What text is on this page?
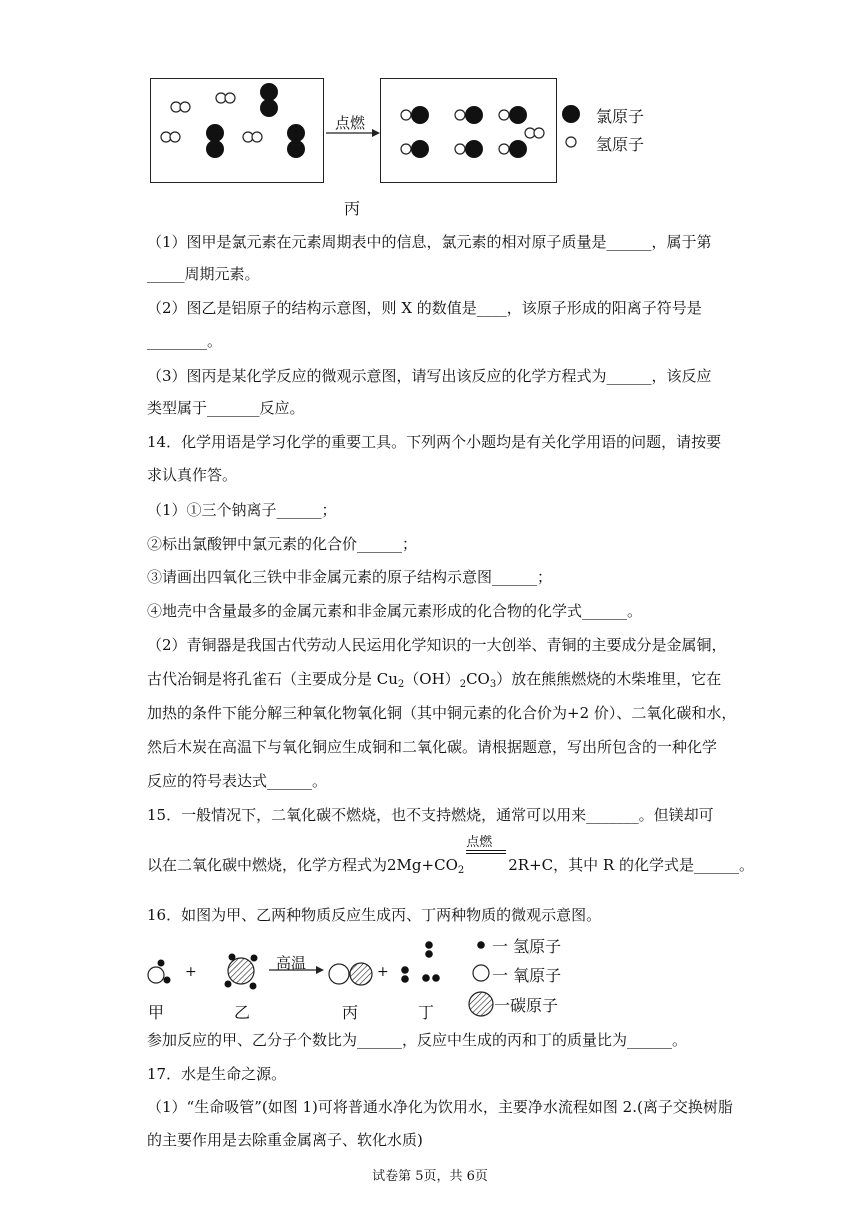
点燃	氯原子
氢原子
丙
（1）图甲是氯元素在元素周期表中的信息，氯元素的相对原子质量是______，属于第
_____周期元素。
（2）图乙是铝原子的结构示意图，则 X 的数值是____，该原子形成的阳离子符号是
________。
（3）图丙是某化学反应的微观示意图，请写出该反应的化学方程式为______，该反应
类型属于_______反应。
14．化学用语是学习化学的重要工具。下列两个小题均是有关化学用语的问题，请按要
求认真作答。
（1）①三个钠离子______；
②标出氯酸钾中氯元素的化合价______；
③请画出四氧化三铁中非金属元素的原子结构示意图______；
④地壳中含量最多的金属元素和非金属元素形成的化合物的化学式______。
（2）青铜器是我国古代劳动人民运用化学知识的一大创举、青铜的主要成分是金属铜，
古代冶铜是将孔雀石（主要成分是 $Cu_2(OH)_2CO_3$）放在熊熊燃烧的木柴堆里，它在
加热的条件下能分解三种氧化物氧化铜（其中铜元素的化合价为+2 价）、二氧化碳和水，
然后木炭在高温下与氧化铜应生成铜和二氧化碳。请根据题意，写出所包含的一种化学
反应的符号表达式______。
15．一般情况下，二氧化碳不燃烧，也不支持燃烧，通常可以用来_______。但镁却可
以在二氧化碳中燃烧，化学方程式为$2Mg+CO_2$
点燃
2R+C，其中 R 的化学式是______。
16．如图为甲、乙两种物质反应生成丙、丁两种物质的微观示意图。
+	+
高温
甲	乙	丙	丁
一 氢原子
一 氧原子
一碳原子
参加反应的甲、乙分子个数比为______，反应中生成的丙和丁的质量比为______。
17．水是生命之源。
（1）“生命吸管”(如图 1)可将普通水净化为饮用水，主要净水流程如图 2.(离子交换树脂
的主要作用是去除重金属离子、软化水质)
试卷第 5页，共 6页
